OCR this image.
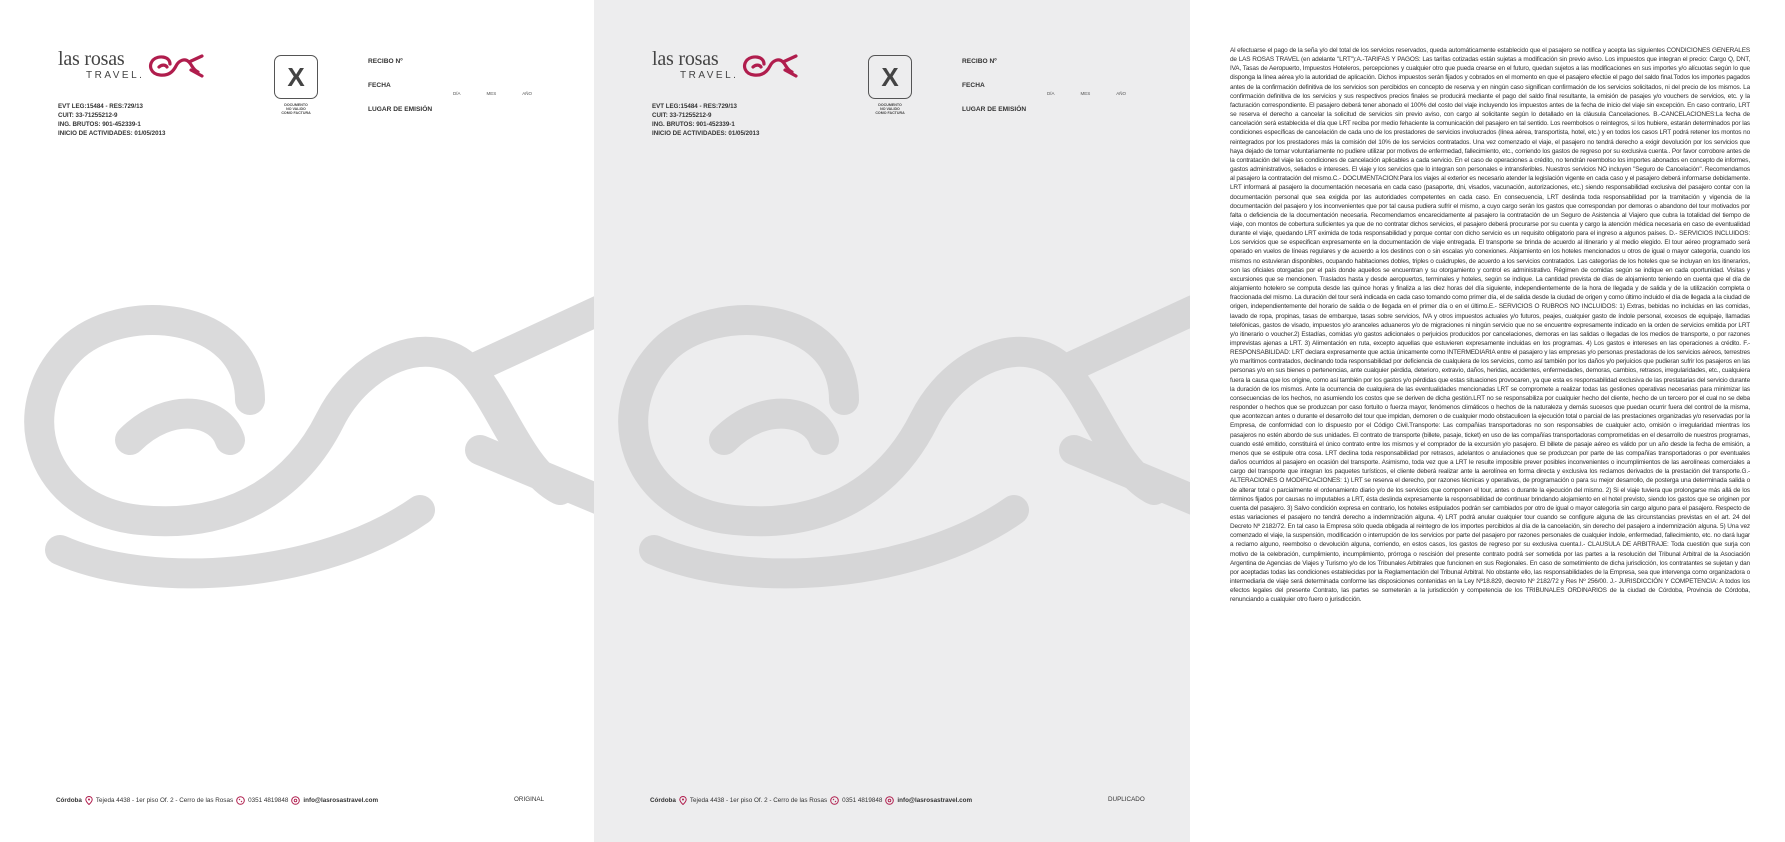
las rosas
TRAVEL.
EVT LEG:15484 - RES:729/13
CUIT: 33-71255212-9
ING. BRUTOS: 901-452339-1
INICIO DE ACTIVIDADES: 01/05/2013
X
DOCUMENTO
NO VALIDO
COMO FACTURA
RECIBO Nº
FECHA
DÍA	MES	AÑO
LUGAR DE EMISIÓN
Córdoba Tejeda 4438 - 1er piso Of. 2 - Cerro de las Rosas 0351 4819848 info@lasrosastravel.com	ORIGINAL
las rosas
TRAVEL.
EVT LEG:15484 - RES:729/13
CUIT: 33-71255212-9
ING. BRUTOS: 901-452339-1
INICIO DE ACTIVIDADES: 01/05/2013
X
DOCUMENTO
NO VALIDO
COMO FACTURA
RECIBO Nº
FECHA
DÍA	MES	AÑO
LUGAR DE EMISIÓN
Córdoba Tejeda 4438 - 1er piso Of. 2 - Cerro de las Rosas 0351 4819848 info@lasrosastravel.com	DUPLICADO
Al efectuarse el pago de la seña y/o del total de los servicios reservados, queda automáticamente establecido que el pasajero se notifica y acepta las siguientes CONDICIONES GENERALES de LAS ROSAS TRAVEL (en adelante "LRT"):A.-TARIFAS Y PAGOS: Las tarifas cotizadas están sujetas a modificación sin previo aviso. Los impuestos que integran el precio: Cargo Q, DNT, IVA, Tasas de Aeropuerto, Impuestos Hoteleros, percepciones y cualquier otro que pueda crearse en el futuro, quedan sujetos a las modificaciones en sus importes y/o alícuotas según lo que disponga la línea aérea y/o la autoridad de aplicación. Dichos impuestos serán fijados y cobrados en el momento en que el pasajero efectúe el pago del saldo final.Todos los importes pagados antes de la confirmación definitiva de los servicios son percibidos en concepto de reserva y en ningún caso significan confirmación de los servicios solicitados, ni del precio de los mismos. La confirmación definitiva de los servicios y sus respectivos precios finales se producirá mediante el pago del saldo final resultante, la emisión de pasajes y/o vouchers de servicios, etc. y la facturación correspondiente. El pasajero deberá tener abonado el 100% del costo del viaje incluyendo los impuestos antes de la fecha de inicio del viaje sin excepción. En caso contrario, LRT se reserva el derecho a cancelar la solicitud de servicios sin previo aviso, con cargo al solicitante según lo detallado en la cláusula Cancelaciones. B.-CANCELACIONES:La fecha de cancelación será establecida el día que LRT reciba por medio fehaciente la comunicación del pasajero en tal sentido. Los reembolsos o reintegros, si los hubiere, estarán determinados por las condiciones específicas de cancelación de cada uno de los prestadores de servicios involucrados (línea aérea, transportista, hotel, etc.) y en todos los casos LRT podrá retener los montos no reintegrados por los prestadores más la comisión del 10% de los servicios contratados. Una vez comenzado el viaje, el pasajero no tendrá derecho a exigir devolución por los servicios que haya dejado de tomar voluntariamente no pudiere utilizar por motivos de enfermedad, fallecimiento, etc., corriendo los gastos de regreso por su exclusiva cuenta.. Por favor corrobore antes de la contratación del viaje las condiciones de cancelación aplicables a cada servicio. En el caso de operaciones a crédito, no tendrán reembolso los importes abonados en concepto de informes, gastos administrativos, sellados e intereses. El viaje y los servicios que lo integran son personales e intransferibles. Nuestros servicios NO incluyen "Seguro de Cancelación". Recomendamos al pasajero la contratación del mismo.C.- DOCUMENTACION:Para los viajes al exterior es necesario atender la legislación vigente en cada caso y el pasajero deberá informarse debidamente. LRT informará al pasajero la documentación necesaria en cada caso (pasaporte, dni, visados, vacunación, autorizaciones, etc.) siendo responsabilidad exclusiva del pasajero contar con la documentación personal que sea exigida por las autoridades competentes en cada caso. En consecuencia, LRT deslinda toda responsabilidad por la tramitación y vigencia de la documentación del pasajero y los inconvenientes que por tal causa pudiera sufrir el mismo, a cuyo cargo serán los gastos que correspondan por demoras o abandono del tour motivados por falta o deficiencia de la documentación necesaria. Recomendamos encarecidamente al pasajero la contratación de un Seguro de Asistencia al Viajero que cubra la totalidad del tiempo de viaje, con montos de cobertura suficientes ya que de no contratar dichos servicios, el pasajero deberá procurarse por su cuenta y cargo la atención médica necesaria en caso de eventualidad durante el viaje, quedando LRT eximida de toda responsabilidad y porque contar con dicho servicio es un requisito obligatorio para el ingreso a algunos países. D.- SERVICIOS INCLUIDOS: Los servicios que se especifican expresamente en la documentación de viaje entregada. El transporte se brinda de acuerdo al itinerario y al medio elegido. El tour aéreo programado será operado en vuelos de líneas regulares y de acuerdo a los destinos con o sin escalas y/o conexiones. Alojamiento en los hoteles mencionados u otros de igual o mayor categoría, cuando los mismos no estuvieran disponibles, ocupando habitaciones dobles, triples o cuádruples, de acuerdo a los servicios contratados. Las categorías de los hoteles que se incluyan en los itinerarios, son las oficiales otorgadas por el país donde aquellos se encuentran y su otorgamiento y control es administrativo. Régimen de comidas según se indique en cada oportunidad. Visitas y excursiones que se mencionen. Traslados hasta y desde aeropuertos, terminales y hoteles, según se indique. La cantidad prevista de días de alojamiento teniendo en cuenta que el día de alojamiento hotelero se computa desde las quince horas y finaliza a las diez horas del día siguiente, independientemente de la hora de llegada y de salida y de la utilización completa o fraccionada del mismo. La duración del tour será indicada en cada caso tomando como primer día, el de salida desde la ciudad de origen y como último incluido el día de llegada a la ciudad de origen, independientemente del horario de salida o de llegada en el primer día o en el último.E.- SERVICIOS O RUBROS NO INCLUIDOS: 1) Extras, bebidas no incluidas en las comidas, lavado de ropa, propinas, tasas de embarque, tasas sobre servicios, IVA y otros impuestos actuales y/o futuros, peajes, cualquier gasto de índole personal, excesos de equipaje, llamadas telefónicas, gastos de visado, impuestos y/o aranceles aduaneros y/o de migraciones ni ningún servicio que no se encuentre expresamente indicado en la orden de servicios emitida por LRT y/o itinerario o voucher.2) Estadías, comidas y/o gastos adicionales o perjuicios producidos por cancelaciones, demoras en las salidas o llegadas de los medios de transporte, o por razones imprevistas ajenas a LRT. 3) Alimentación en ruta, excepto aquellas que estuvieren expresamente incluidas en los programas. 4) Los gastos e intereses en las operaciones a crédito. F.-RESPONSABILIDAD: LRT declara expresamente que actúa únicamente como INTERMEDIARIA entre el pasajero y las empresas y/o personas prestadoras de los servicios aéreos, terrestres y/o marítimos contratados, declinando toda responsabilidad por deficiencia de cualquiera de los servicios, como así también por los daños y/o perjuicios que pudieran sufrir los pasajeros en las personas y/o en sus bienes o pertenencias, ante cualquier pérdida, deterioro, extravío, daños, heridas, accidentes, enfermedades, demoras, cambios, retrasos, irregularidades, etc., cualquiera fuera la causa que los origine, como así también por los gastos y/o pérdidas que estas situaciones provocaren, ya que esta es responsabilidad exclusiva de las prestatarias del servicio durante la duración de los mismos. Ante la ocurrencia de cualquiera de las eventualidades mencionadas LRT se compromete a realizar todas las gestiones operativas necesarias para minimizar las consecuencias de los hechos, no asumiendo los costos que se deriven de dicha gestión.LRT no se responsabiliza por cualquier hecho del cliente, hecho de un tercero por el cual no se deba responder o hechos que se produzcan por caso fortuito o fuerza mayor, fenómenos climáticos o hechos de la naturaleza y demás sucesos que puedan ocurrir fuera del control de la misma, que acontezcan antes o durante el desarrollo del tour que impidan, demoren o de cualquier modo obstaculicen la ejecución total o parcial de las prestaciones organizadas y/o reservadas por la Empresa, de conformidad con lo dispuesto por el Código Civil.Transporte: Las compañías transportadoras no son responsables de cualquier acto, omisión o irregularidad mientras los pasajeros no estén abordo de sus unidades. El contrato de transporte (billete, pasaje, ticket) en uso de las compañías transportadoras comprometidas en el desarrollo de nuestros programas, cuando esté emitido, constituirá el único contrato entre los mismos y el comprador de la excursión y/o pasajero. El billete de pasaje aéreo es válido por un año desde la fecha de emisión, a menos que se estipule otra cosa. LRT declina toda responsabilidad por retrasos, adelantos o anulaciones que se produzcan por parte de las compañías transportadoras o por eventuales daños ocurridos al pasajero en ocasión del transporte. Asimismo, toda vez que a LRT le resulte imposible prever posibles inconvenientes o incumplimientos de las aerolíneas comerciales a cargo del transporte que integran los paquetes turísticos, el cliente deberá realizar ante la aerolínea en forma directa y exclusiva los reclamos derivados de la prestación del transporte.G.- ALTERACIONES O MODIFICACIONES: 1) LRT se reserva el derecho, por razones técnicas y operativas, de programación o para su mejor desarrollo, de posterga una determinada salida o de alterar total o parcialmente el ordenamiento diario y/o de los servicios que componen el tour, antes o durante la ejecución del mismo. 2) Si el viaje tuviera que prolongarse más allá de los términos fijados por causas no imputables a LRT, ésta deslinda expresamente la responsabilidad de continuar brindando alojamiento en el hotel previsto, siendo los gastos que se originen por cuenta del pasajero. 3) Salvo condición expresa en contrario, los hoteles estipulados podrán ser cambiados por otro de igual o mayor categoría sin cargo alguno para el pasajero. Respecto de estas variaciones el pasajero no tendrá derecho a indemnización alguna. 4) LRT podrá anular cualquier tour cuando se configure alguna de las circunstancias previstas en el art. 24 del Decreto Nº 2182/72. En tal caso la Empresa sólo queda obligada al reintegro de los importes percibidos al día de la cancelación, sin derecho del pasajero a indemnización alguna. 5) Una vez comenzado el viaje, la suspensión, modificación o interrupción de los servicios por parte del pasajero por razones personales de cualquier índole, enfermedad, fallecimiento, etc. no dará lugar a reclamo alguno, reembolso o devolución alguna, corriendo, en estos casos, los gastos de regreso por su exclusiva cuenta.I.- CLAUSULA DE ARBITRAJE: Toda cuestión que surja con motivo de la celebración, cumplimiento, incumplimiento, prórroga o rescisión del presente contrato podrá ser sometida por las partes a la resolución del Tribunal Arbitral de la Asociación Argentina de Agencias de Viajes y Turismo y/o de los Tribunales Arbitrales que funcionen en sus Regionales. En caso de sometimiento de dicha jurisdicción, los contratantes se sujetan y dan por aceptadas todas las condiciones establecidas por la Reglamentación del Tribunal Arbitral. No obstante ello, las responsabilidades de la Empresa, sea que intervenga como organizadora o intermediaria de viaje será determinada conforme las disposiciones contenidas en la Ley Nº18.829, decreto Nº 2182/72 y Res Nº 256/00. J.- JURISDICCIÓN Y COMPETENCIA: A todos los efectos legales del presente Contrato, las partes se someterán a la jurisdicción y competencia de los TRIBUNALES ORDINARIOS de la ciudad de Córdoba, Provincia de Córdoba, renunciando a cualquier otro fuero o jurisdicción.
